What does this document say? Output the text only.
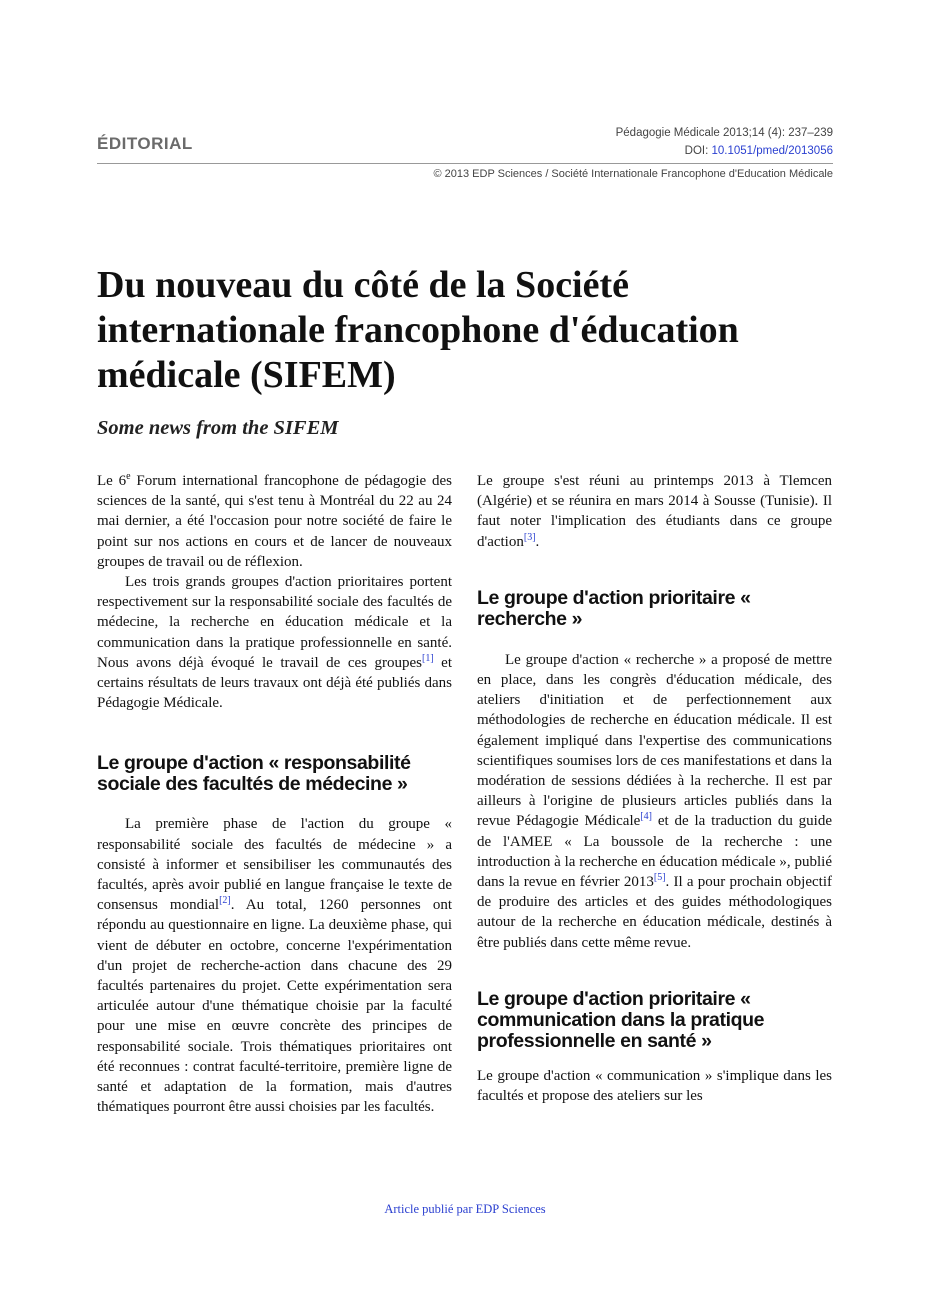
ÉDITORIAL
Pédagogie Médicale 2013;14 (4): 237–239
DOI: 10.1051/pmed/2013056
© 2013 EDP Sciences / Société Internationale Francophone d'Education Médicale
Du nouveau du côté de la Société internationale francophone d'éducation médicale (SIFEM)
Some news from the SIFEM

Le 6e Forum international francophone de pédagogie des sciences de la santé, qui s'est tenu à Montréal du 22 au 24 mai dernier, a été l'occasion pour notre société de faire le point sur nos actions en cours et de lancer de nouveaux groupes de travail ou de réflexion.

Les trois grands groupes d'action prioritaires portent respectivement sur la responsabilité sociale des facultés de médecine, la recherche en éducation médicale et la communication dans la pratique professionnelle en santé. Nous avons déjà évoqué le travail de ces groupes[1] et certains résultats de leurs travaux ont déjà été publiés dans Pédagogie Médicale.

Le groupe d'action « responsabilité sociale des facultés de médecine »

La première phase de l'action du groupe « responsabilité sociale des facultés de médecine » a consisté à informer et sensibiliser les communautés des facultés, après avoir publié en langue française le texte de consensus mondial[2]. Au total, 1260 personnes ont répondu au questionnaire en ligne. La deuxième phase, qui vient de débuter en octobre, concerne l'expérimentation d'un projet de recherche-action dans chacune des 29 facultés partenaires du projet. Cette expérimentation sera articulée autour d'une thématique choisie par la faculté pour une mise en œuvre concrète des principes de responsabilité sociale. Trois thématiques prioritaires ont été reconnues : contrat faculté-territoire, première ligne de santé et adaptation de la formation, mais d'autres thématiques pourront être aussi choisies par les facultés.

Le groupe s'est réuni au printemps 2013 à Tlemcen (Algérie) et se réunira en mars 2014 à Sousse (Tunisie). Il faut noter l'implication des étudiants dans ce groupe d'action[3].

Le groupe d'action prioritaire « recherche »

Le groupe d'action « recherche » a proposé de mettre en place, dans les congrès d'éducation médicale, des ateliers d'initiation et de perfectionnement aux méthodologies de recherche en éducation médicale. Il est également impliqué dans l'expertise des communications scientifiques soumises lors de ces manifestations et dans la modération de sessions dédiées à la recherche. Il est par ailleurs à l'origine de plusieurs articles publiés dans la revue Pédagogie Médicale[4] et de la traduction du guide de l'AMEE « La boussole de la recherche : une introduction à la recherche en éducation médicale », publié dans la revue en février 2013[5]. Il a pour prochain objectif de produire des articles et des guides méthodologiques autour de la recherche en éducation médicale, destinés à être publiés dans cette même revue.

Le groupe d'action prioritaire « communication dans la pratique professionnelle en santé »

Le groupe d'action « communication » s'implique dans les facultés et propose des ateliers sur les

Article publié par EDP Sciences
